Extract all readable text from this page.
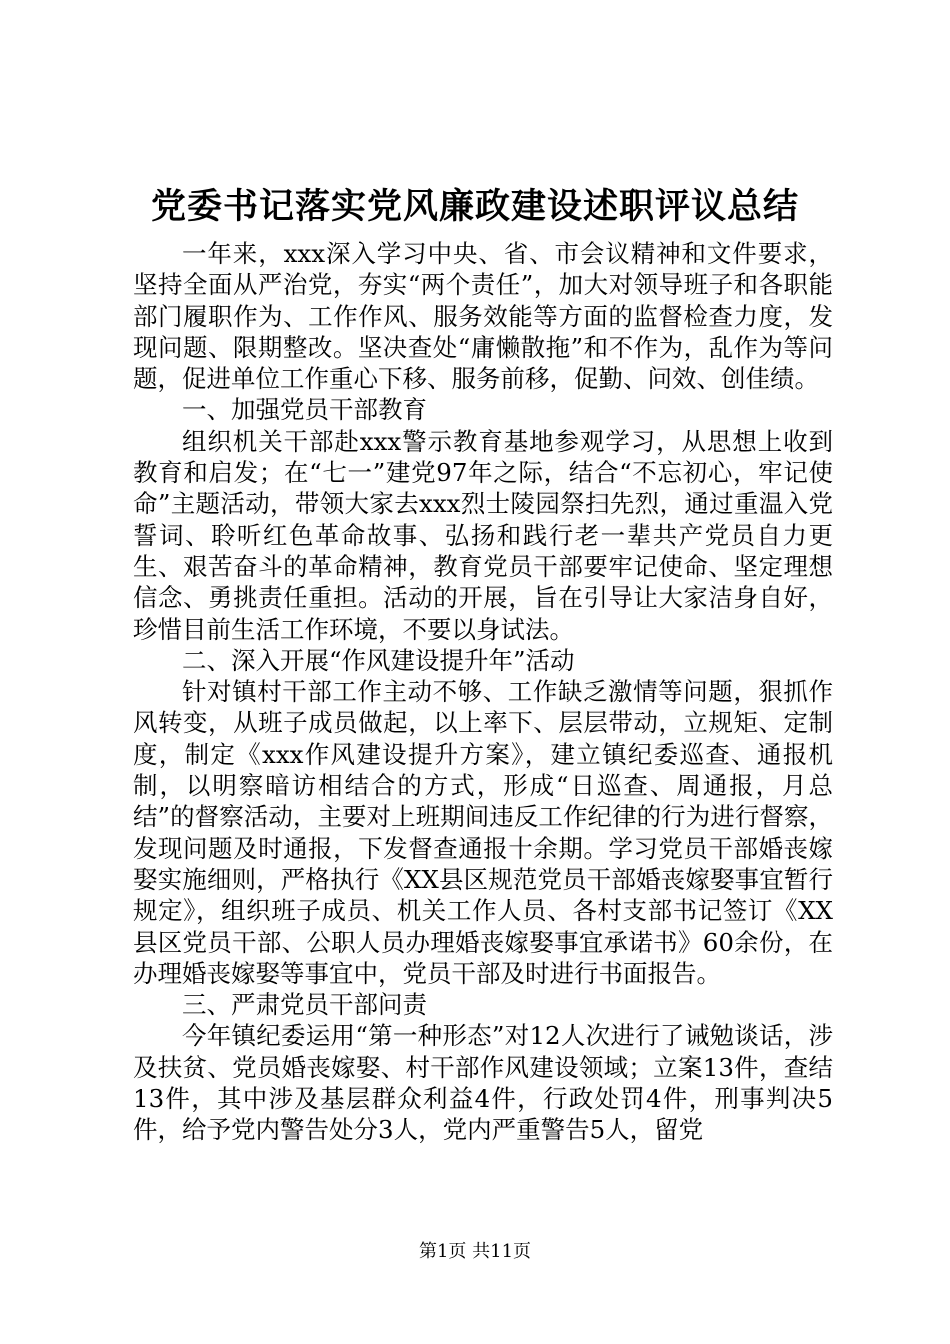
党委书记落实党风廉政建设述职评议总结

一年来，xxx深入学习中央、省、市会议精神和文件要求，坚持全面从严治党，夯实“两个责任”，加大对领导班子和各职能部门履职作为、工作作风、服务效能等方面的监督检查力度，发现问题、限期整改。坚决查处“庸懒散拖”和不作为，乱作为等问题，促进单位工作重心下移、服务前移，促勤、问效、创佳绩。

一、加强党员干部教育

组织机关干部赴xxx警示教育基地参观学习，从思想上收到教育和启发；在“七一”建党97年之际，结合“不忘初心，牢记使命”主题活动，带领大家去xxx烈士陵园祭扫先烈，通过重温入党誓词、聆听红色革命故事、弘扬和践行老一辈共产党员自力更生、艰苦奋斗的革命精神，教育党员干部要牢记使命、坚定理想信念、勇挑责任重担。活动的开展，旨在引导让大家洁身自好，珍惜目前生活工作环境，不要以身试法。

二、深入开展“作风建设提升年”活动

针对镇村干部工作主动不够、工作缺乏激情等问题，狠抓作风转变，从班子成员做起，以上率下、层层带动，立规矩、定制度，制定《xxx作风建设提升方案》，建立镇纪委巡查、通报机制，以明察暗访相结合的方式，形成“日巡查、周通报，月总结”的督察活动，主要对上班期间违反工作纪律的行为进行督察，发现问题及时通报，下发督查通报十余期。学习党员干部婚丧嫁娶实施细则，严格执行《XX县区规范党员干部婚丧嫁娶事宜暂行规定》，组织班子成员、机关工作人员、各村支部书记签订《XX县区党员干部、公职人员办理婚丧嫁娶事宜承诺书》60余份，在办理婚丧嫁娶等事宜中，党员干部及时进行书面报告。

三、严肃党员干部问责

今年镇纪委运用“第一种形态”对12人次进行了诫勉谈话，涉及扶贫、党员婚丧嫁娶、村干部作风建设领域；立案13件，查结13件，其中涉及基层群众利益4件，行政处罚4件，刑事判决5件，给予党内警告处分3人，党内严重警告5人，留党

第1页 共11页
